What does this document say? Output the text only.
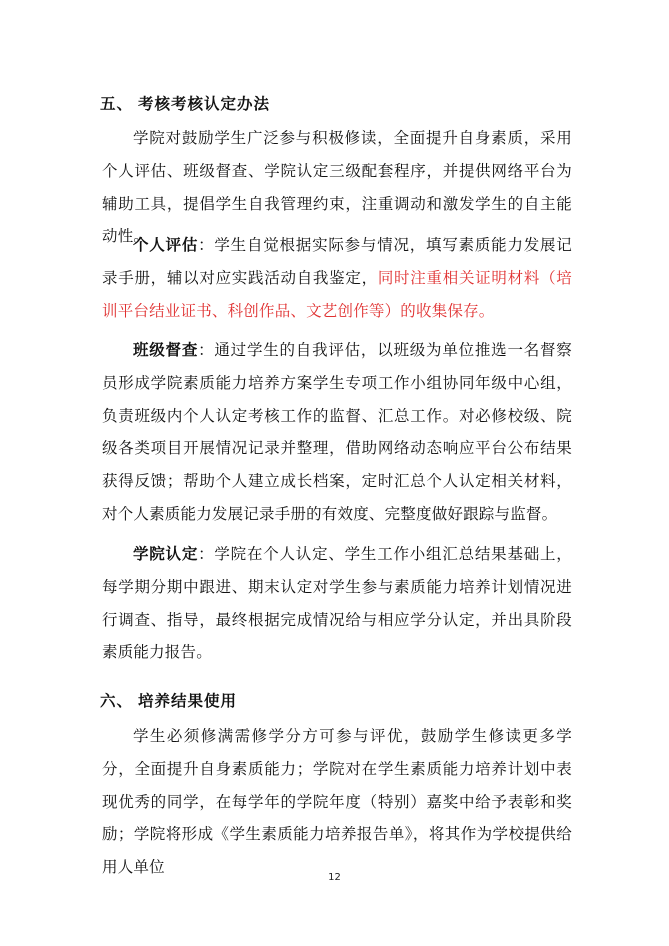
五、 考核考核认定办法
学院对鼓励学生广泛参与积极修读，全面提升自身素质，采用个人评估、班级督查、学院认定三级配套程序，并提供网络平台为辅助工具，提倡学生自我管理约束，注重调动和激发学生的自主能动性。
个人评估：学生自觉根据实际参与情况，填写素质能力发展记录手册，辅以对应实践活动自我鉴定，同时注重相关证明材料（培训平台结业证书、科创作品、文艺创作等）的收集保存。
班级督查：通过学生的自我评估，以班级为单位推选一名督察员形成学院素质能力培养方案学生专项工作小组协同年级中心组，负责班级内个人认定考核工作的监督、汇总工作。对必修校级、院级各类项目开展情况记录并整理，借助网络动态响应平台公布结果获得反馈；帮助个人建立成长档案，定时汇总个人认定相关材料，对个人素质能力发展记录手册的有效度、完整度做好跟踪与监督。
学院认定：学院在个人认定、学生工作小组汇总结果基础上，每学期分期中跟进、期末认定对学生参与素质能力培养计划情况进行调查、指导，最终根据完成情况给与相应学分认定，并出具阶段素质能力报告。
六、 培养结果使用
学生必须修满需修学分方可参与评优，鼓励学生修读更多学分，全面提升自身素质能力；学院对在学生素质能力培养计划中表现优秀的同学，在每学年的学院年度（特别）嘉奖中给予表彰和奖励；学院将形成《学生素质能力培养报告单》，将其作为学校提供给用人单位
12
